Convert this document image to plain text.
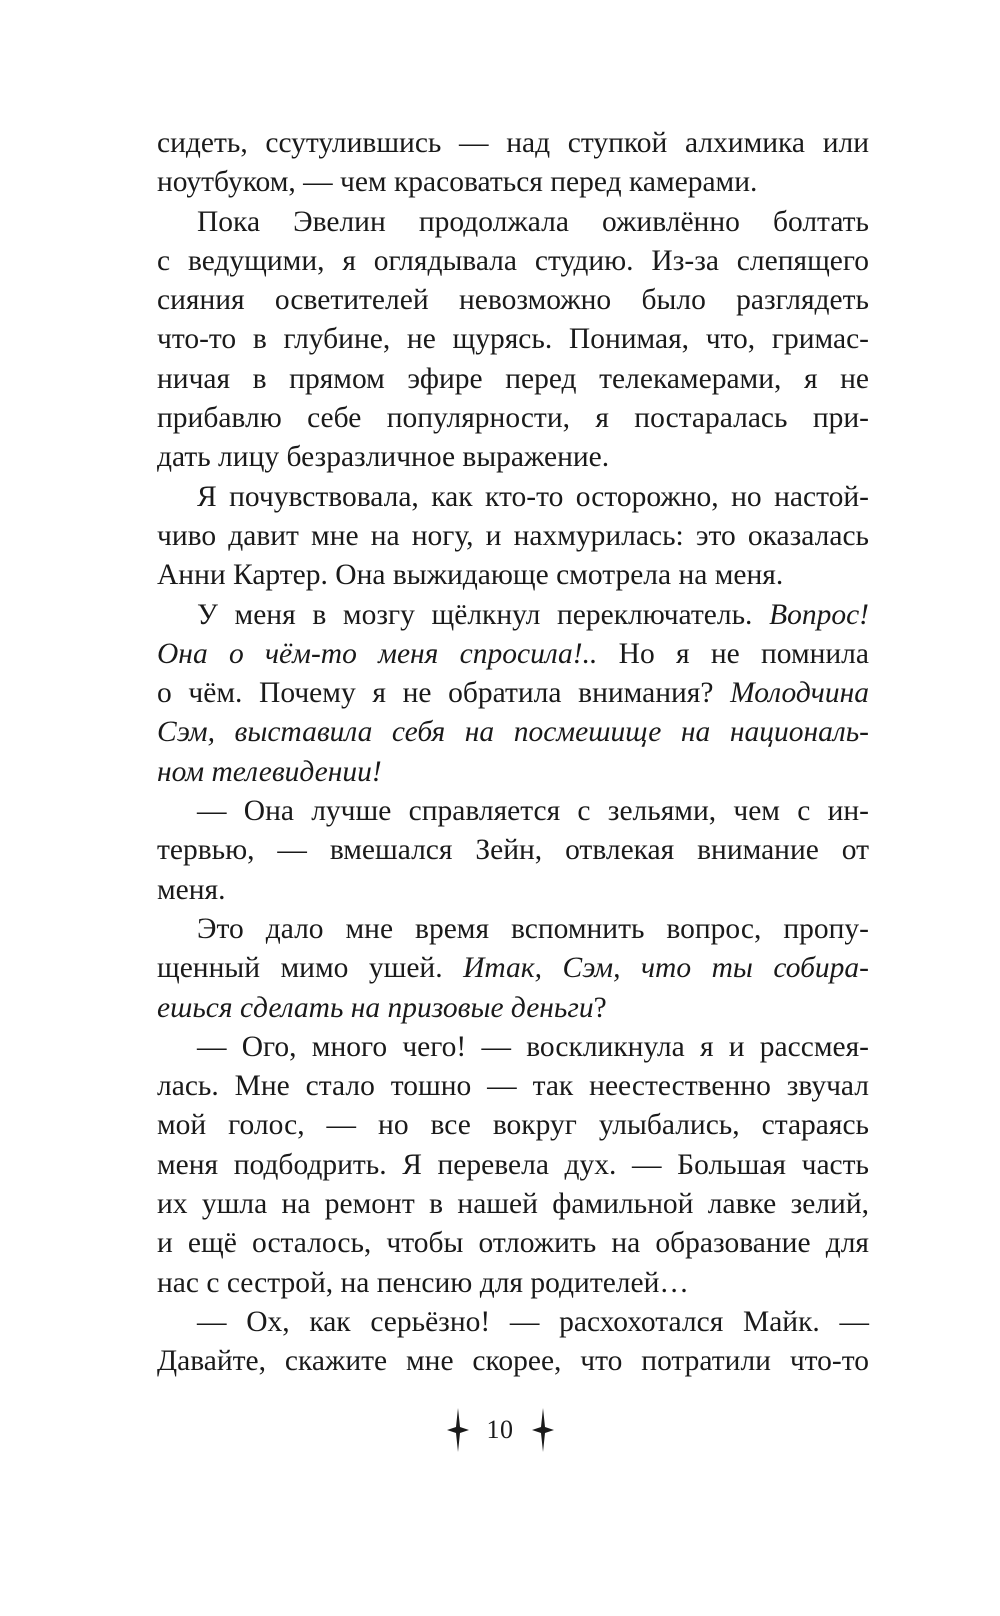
сидеть, ссутулившись — над ступкой алхимика или
ноутбуком, — чем красоваться перед камерами.
Пока Эвелин продолжала оживлённо болтать
с ведущими, я оглядывала студию. Из-за слепящего
сияния осветителей невозможно было разглядеть
что-то в глубине, не щурясь. Понимая, что, гримас-
ничая в прямом эфире перед телекамерами, я не
прибавлю себе популярности, я постаралась при-
дать лицу безразличное выражение.
Я почувствовала, как кто-то осторожно, но настой-
чиво давит мне на ногу, и нахмурилась: это оказалась
Анни Картер. Она выжидающе смотрела на меня.
У меня в мозгу щёлкнул переключатель. Вопрос!
Она о чём-то меня спросила!.. Но я не помнила
о чём. Почему я не обратила внимания? Молодчина
Сэм, выставила себя на посмешище на националь-
ном телевидении!
— Она лучше справляется с зельями, чем с ин-
тервью, — вмешался Зейн, отвлекая внимание от
меня.
Это дало мне время вспомнить вопрос, пропу-
щенный мимо ушей. Итак, Сэм, что ты собира-
ешься сделать на призовые деньги?
— Ого, много чего! — воскликнула я и рассмея-
лась. Мне стало тошно — так неестественно звучал
мой голос, — но все вокруг улыбались, стараясь
меня подбодрить. Я перевела дух. — Большая часть
их ушла на ремонт в нашей фамильной лавке зелий,
и ещё осталось, чтобы отложить на образование для
нас с сестрой, на пенсию для родителей…
— Ох, как серьёзно! — расхохотался Майк. —
Давайте, скажите мне скорее, что потратили что-то
10
